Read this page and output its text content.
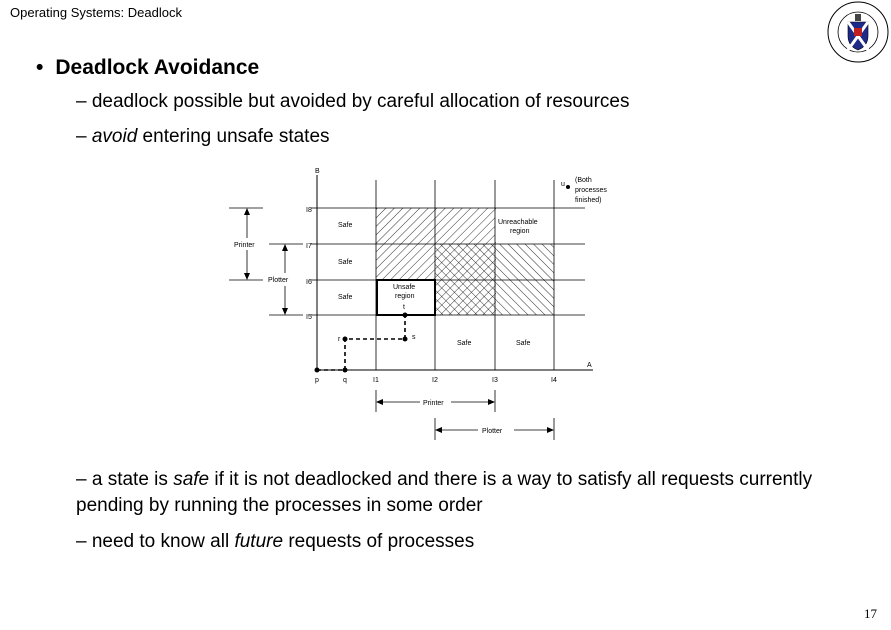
Operating Systems: Deadlock
• Deadlock Avoidance
– deadlock possible but avoided by careful allocation of resources
– avoid entering unsafe states
B
A
Safe
Safe
Safe
Safe	Safe
Unsafe
region
Unreachable
region
u
(Both
processes
finished)
I8
I7
I6
I5
Printer
Plotter
r	s
t
p	q	I1	I2	I3	I4
Printer
Plotter
– a state is safe if it is not deadlocked and there is a way to satisfy all requests currently pending by running the processes in some order
– need to know all future requests of processes
17
